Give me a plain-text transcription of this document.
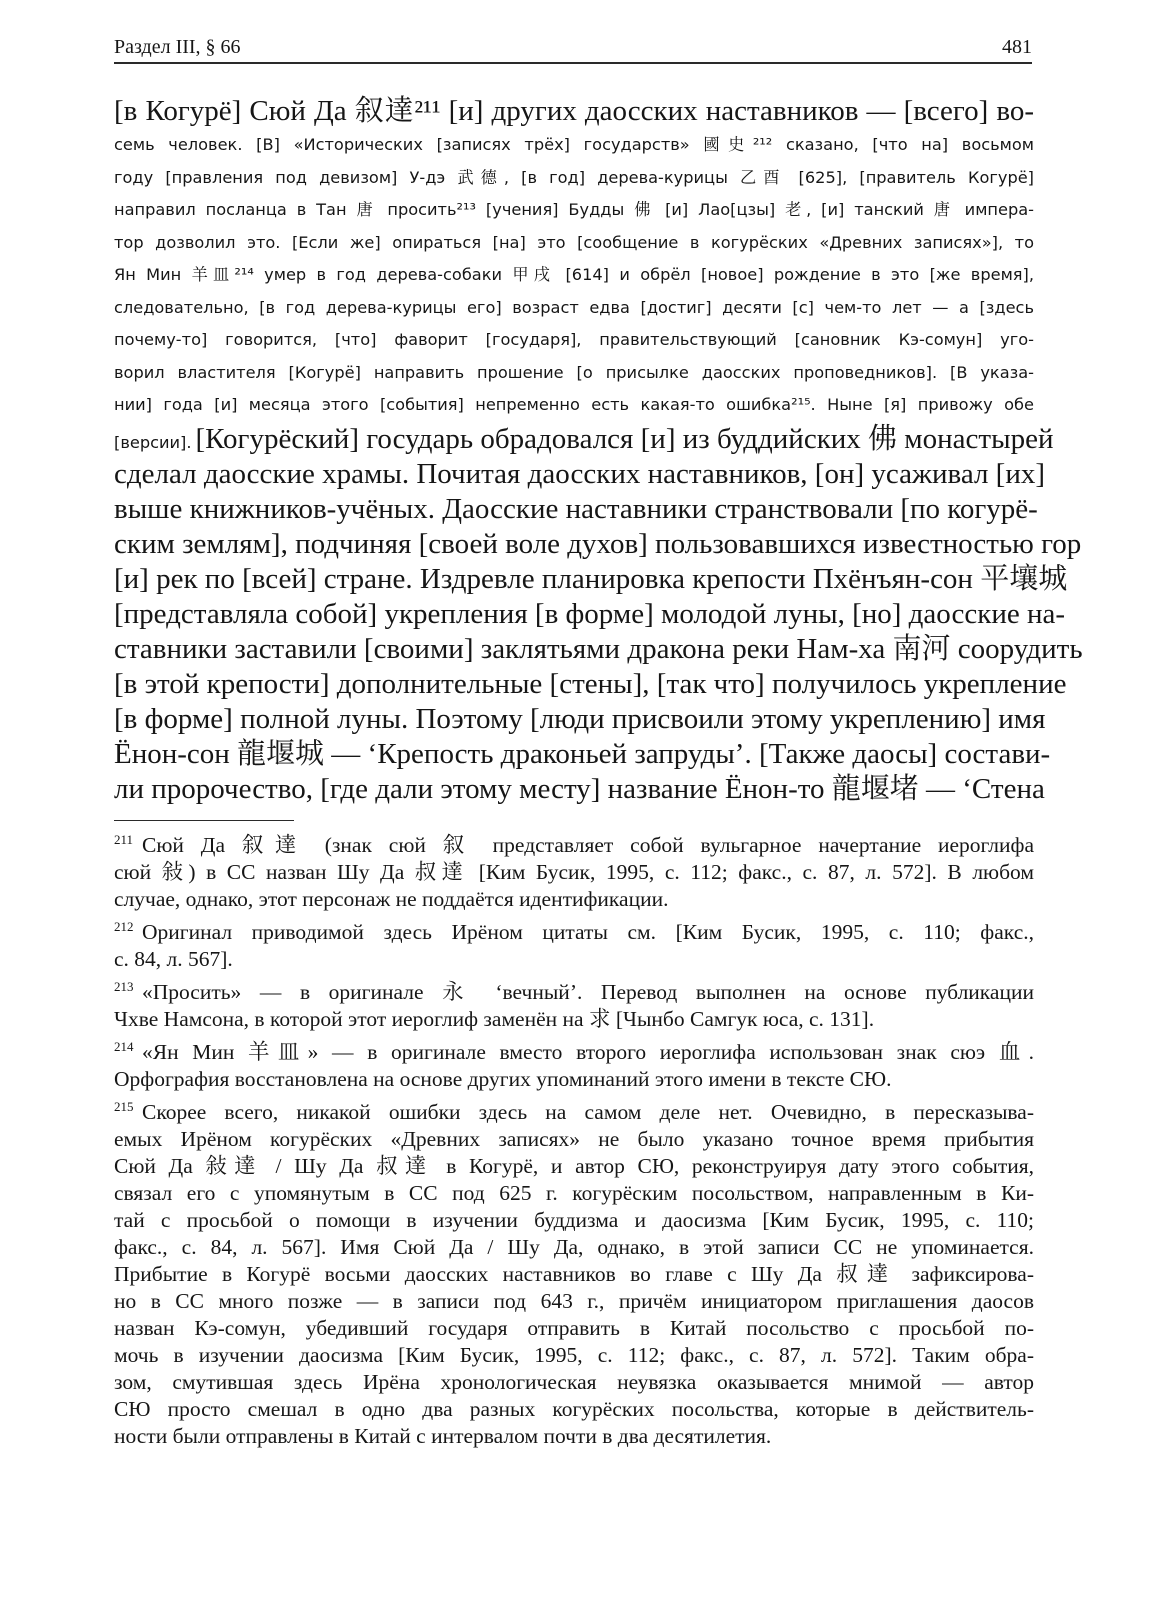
Раздел III, § 66	481
[в Когурё] Сюй Да 叙達²¹¹ [и] других даосских наставников — [всего] во-
семь человек. [В] «Исторических [записях трёх] государств» 國史²¹² сказано, [что на] восьмом
году [правления под девизом] У-дэ 武德, [в год] дерева-курицы 乙酉 [625], [правитель Когурё]
направил посланца в Тан 唐 просить²¹³ [учения] Будды 佛 [и] Лао[цзы] 老, [и] танский 唐 импера-
тор дозволил это. [Если же] опираться [на] это [сообщение в когурёских «Древних записях»], то
Ян Мин 羊皿²¹⁴ умер в год дерева-собаки 甲戌 [614] и обрёл [новое] рождение в это [же время],
следовательно, [в год дерева-курицы его] возраст едва [достиг] десяти [с] чем-то лет — а [здесь
почему-то] говорится, [что] фаворит [государя], правительствующий [сановник Кэ-сомун] уго-
ворил властителя [Когурё] направить прошение [о присылке даосских проповедников]. [В указа-
нии] года [и] месяца этого [события] непременно есть какая-то ошибка²¹⁵. Ныне [я] привожу обе
[версии]. [Когурёский] государь обрадовался [и] из буддийских 佛 монастырей
сделал даосские храмы. Почитая даосских наставников, [он] усаживал [их]
выше книжников-учёных. Даосские наставники странствовали [по когурё-
ским землям], подчиняя [своей воле духов] пользовавшихся известностью гор
[и] рек по [всей] стране. Издревле планировка крепости Пхёнъян-сон 平壤城
[представляла собой] укрепления [в форме] молодой луны, [но] даосские на-
ставники заставили [своими] заклятьями дракона реки Нам-ха 南河 соорудить
[в этой крепости] дополнительные [стены], [так что] получилось укрепление
[в форме] полной луны. Поэтому [люди присвоили этому укреплению] имя
Ёнон-сон 龍堰城 — ‘Крепость драконьей запруды’. [Также даосы] состави-
ли пророчество, [где дали этому месту] название Ёнон-то 龍堰堵 — ‘Стена
211 Сюй Да 叙達 (знак сюй 叙 представляет собой вульгарное начертание иероглифа
сюй 敍) в СС назван Шу Да 叔達 [Ким Бусик, 1995, с. 112; факс., с. 87, л. 572]. В любом
случае, однако, этот персонаж не поддаётся идентификации.
212 Оригинал приводимой здесь Ирёном цитаты см. [Ким Бусик, 1995, с. 110; факс.,
с. 84, л. 567].
213 «Просить» — в оригинале 永 ‘вечный’. Перевод выполнен на основе публикации
Чхве Намсона, в которой этот иероглиф заменён на 求 [Чынбо Самгук юса, с. 131].
214 «Ян Мин 羊皿» — в оригинале вместо второго иероглифа использован знак сюэ 血.
Орфография восстановлена на основе других упоминаний этого имени в тексте СЮ.
215 Скорее всего, никакой ошибки здесь на самом деле нет. Очевидно, в пересказыва-
емых Ирёном когурёских «Древних записях» не было указано точное время прибытия
Сюй Да 敍達 / Шу Да 叔達 в Когурё, и автор СЮ, реконструируя дату этого события,
связал его с упомянутым в СС под 625 г. когурёским посольством, направленным в Ки-
тай с просьбой о помощи в изучении буддизма и даосизма [Ким Бусик, 1995, с. 110;
факс., с. 84, л. 567]. Имя Сюй Да / Шу Да, однако, в этой записи СС не упоминается.
Прибытие в Когурё восьми даосских наставников во главе с Шу Да 叔達 зафиксирова-
но в СС много позже — в записи под 643 г., причём инициатором приглашения даосов
назван Кэ-сомун, убедивший государя отправить в Китай посольство с просьбой по-
мочь в изучении даосизма [Ким Бусик, 1995, с. 112; факс., с. 87, л. 572]. Таким обра-
зом, смутившая здесь Ирёна хронологическая неувязка оказывается мнимой — автор
СЮ просто смешал в одно два разных когурёских посольства, которые в действитель-
ности были отправлены в Китай с интервалом почти в два десятилетия.
